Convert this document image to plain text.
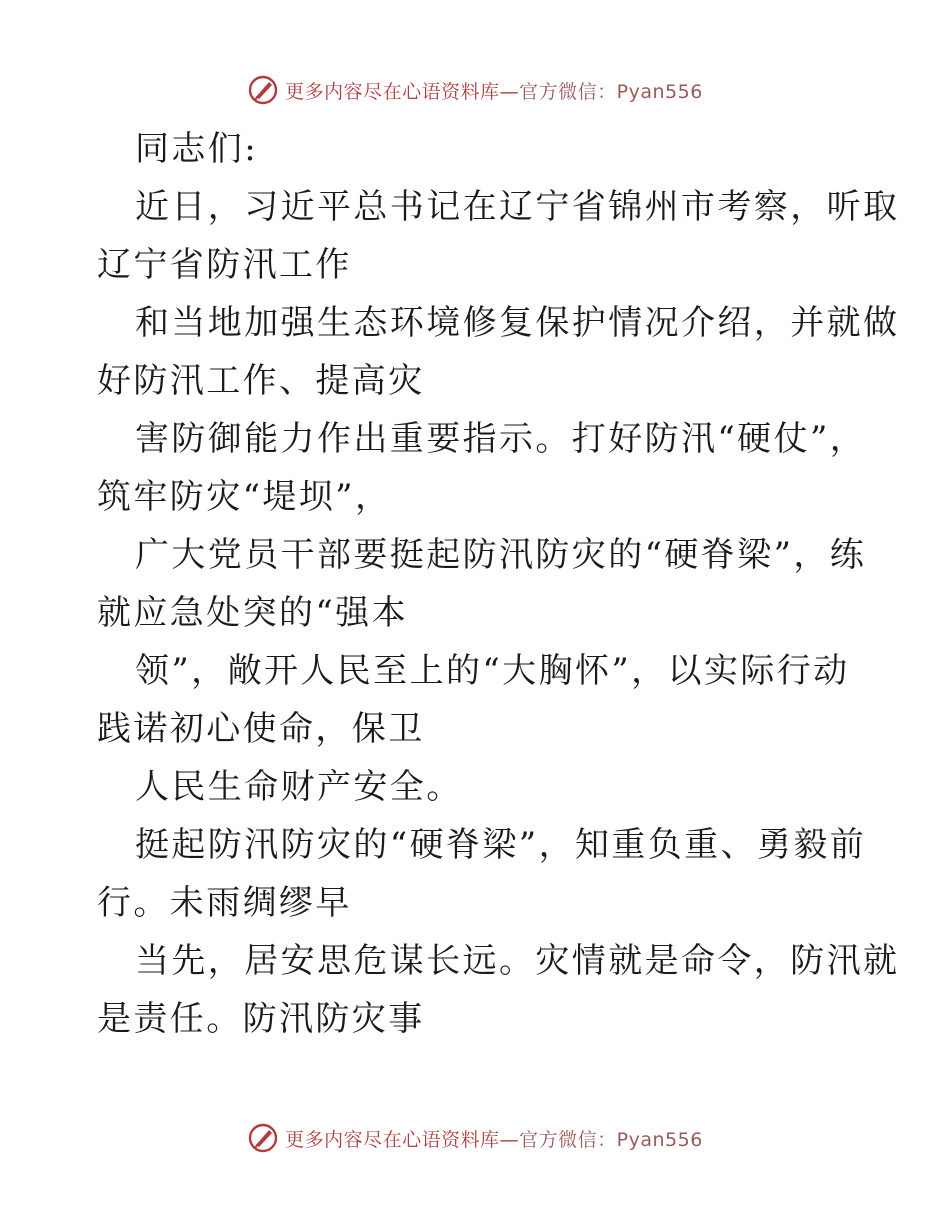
更多内容尽在心语资料库—官方微信：Pyan556
同志们:
近日，习近平总书记在辽宁省锦州市考察，听取
辽宁省防汛工作
和当地加强生态环境修复保护情况介绍，并就做
好防汛工作、提高灾
害防御能力作出重要指示。打好防汛“硬仗”，
筑牢防灾“堤坝”，
广大党员干部要挺起防汛防灾的“硬脊梁”，练
就应急处突的“强本
领”，敞开人民至上的“大胸怀”，以实际行动
践诺初心使命，保卫
人民生命财产安全。
挺起防汛防灾的“硬脊梁”，知重负重、勇毅前
行。未雨绸缪早
当先，居安思危谋长远。灾情就是命令，防汛就
是责任。防汛防灾事
更多内容尽在心语资料库—官方微信：Pyan556
